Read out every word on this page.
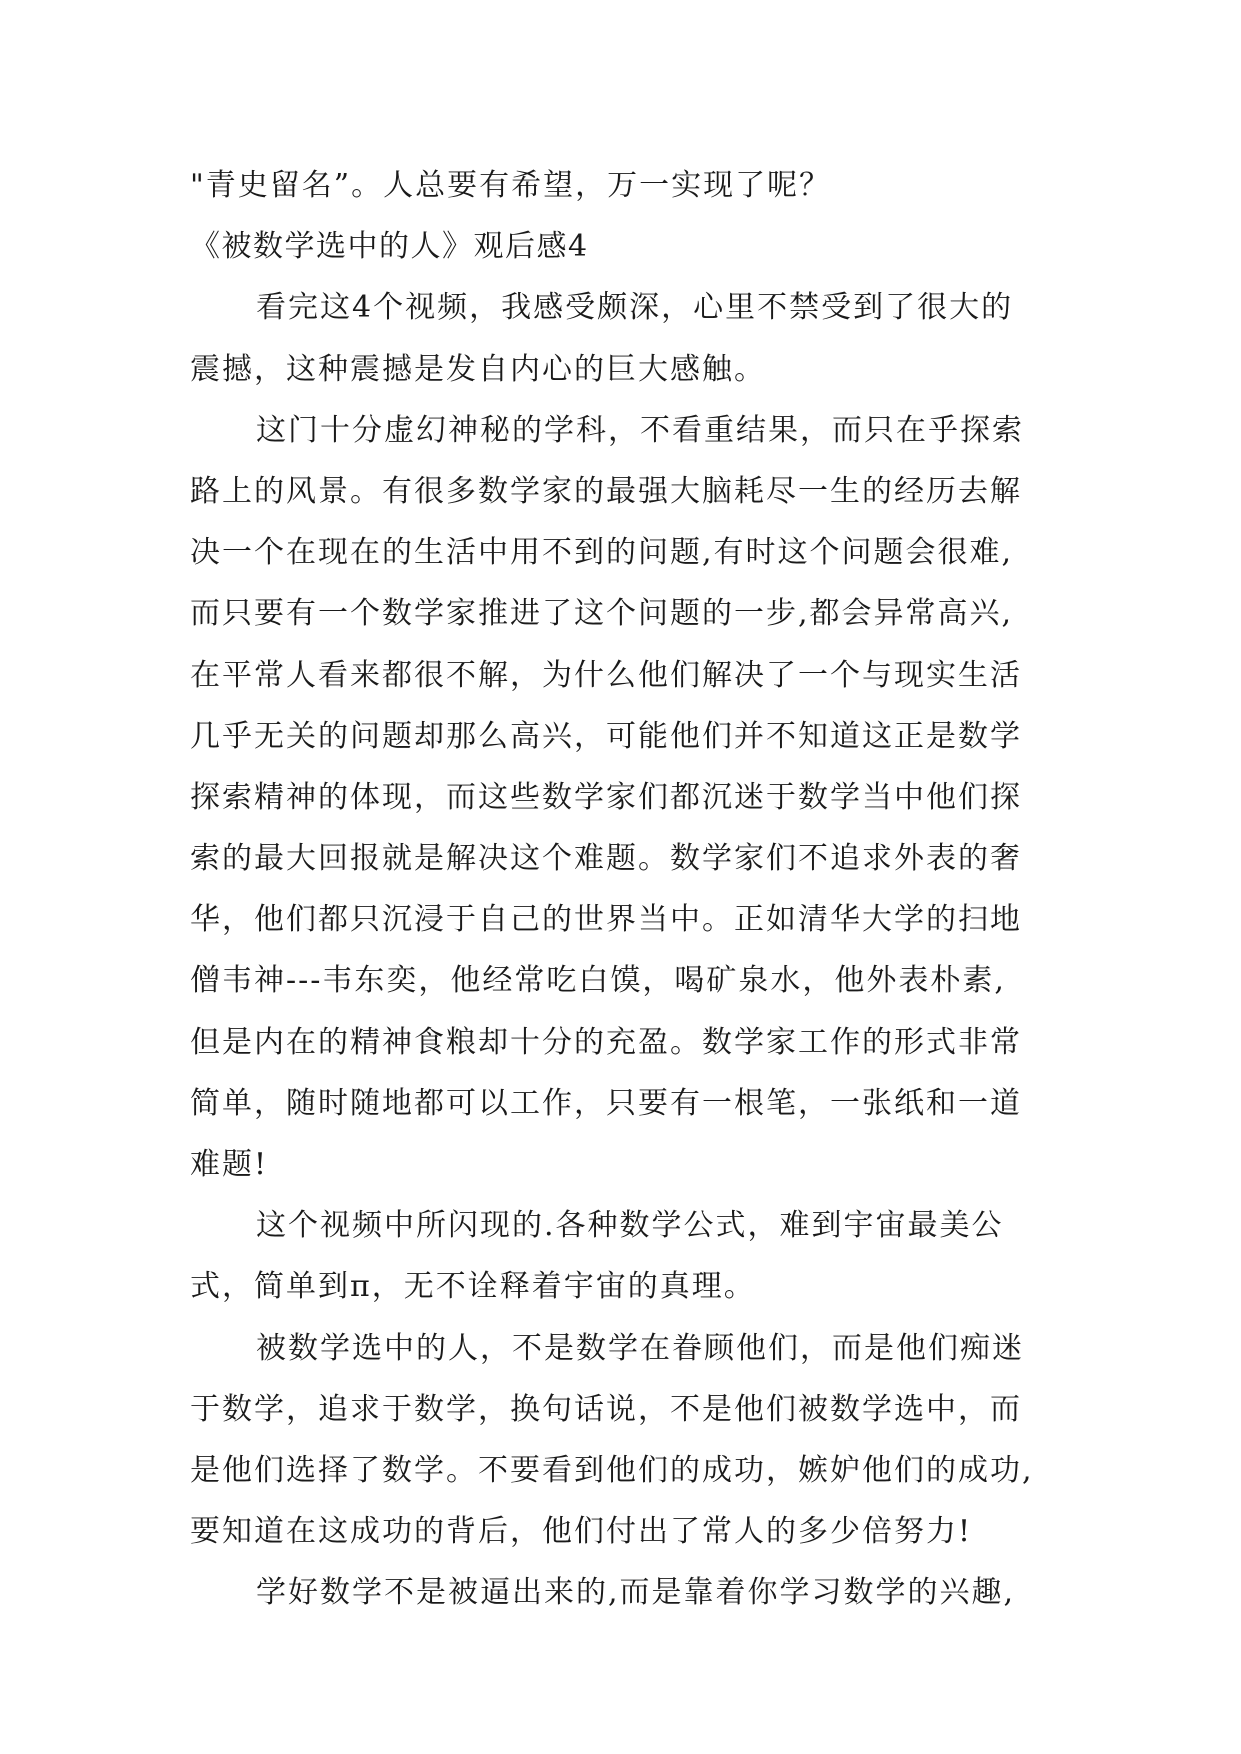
"青史留名”。人总要有希望，万一实现了呢？
《被数学选中的人》观后感4
看完这4个视频，我感受颇深，心里不禁受到了很大的
震撼，这种震撼是发自内心的巨大感触。
这门十分虚幻神秘的学科，不看重结果，而只在乎探索
路上的风景。有很多数学家的最强大脑耗尽一生的经历去解
决一个在现在的生活中用不到的问题,有时这个问题会很难,
而只要有一个数学家推进了这个问题的一步,都会异常高兴,
在平常人看来都很不解，为什么他们解决了一个与现实生活
几乎无关的问题却那么高兴，可能他们并不知道这正是数学
探索精神的体现，而这些数学家们都沉迷于数学当中他们探
索的最大回报就是解决这个难题。数学家们不追求外表的奢
华，他们都只沉浸于自己的世界当中。正如清华大学的扫地
僧韦神---韦东奕，他经常吃白馍，喝矿泉水，他外表朴素,
但是内在的精神食粮却十分的充盈。数学家工作的形式非常
简单，随时随地都可以工作，只要有一根笔，一张纸和一道
难题!
这个视频中所闪现的.各种数学公式，难到宇宙最美公
式，简单到π，无不诠释着宇宙的真理。
被数学选中的人，不是数学在眷顾他们，而是他们痴迷
于数学，追求于数学，换句话说，不是他们被数学选中，而
是他们选择了数学。不要看到他们的成功，嫉妒他们的成功,
要知道在这成功的背后，他们付出了常人的多少倍努力!
学好数学不是被逼出来的,而是靠着你学习数学的兴趣,
